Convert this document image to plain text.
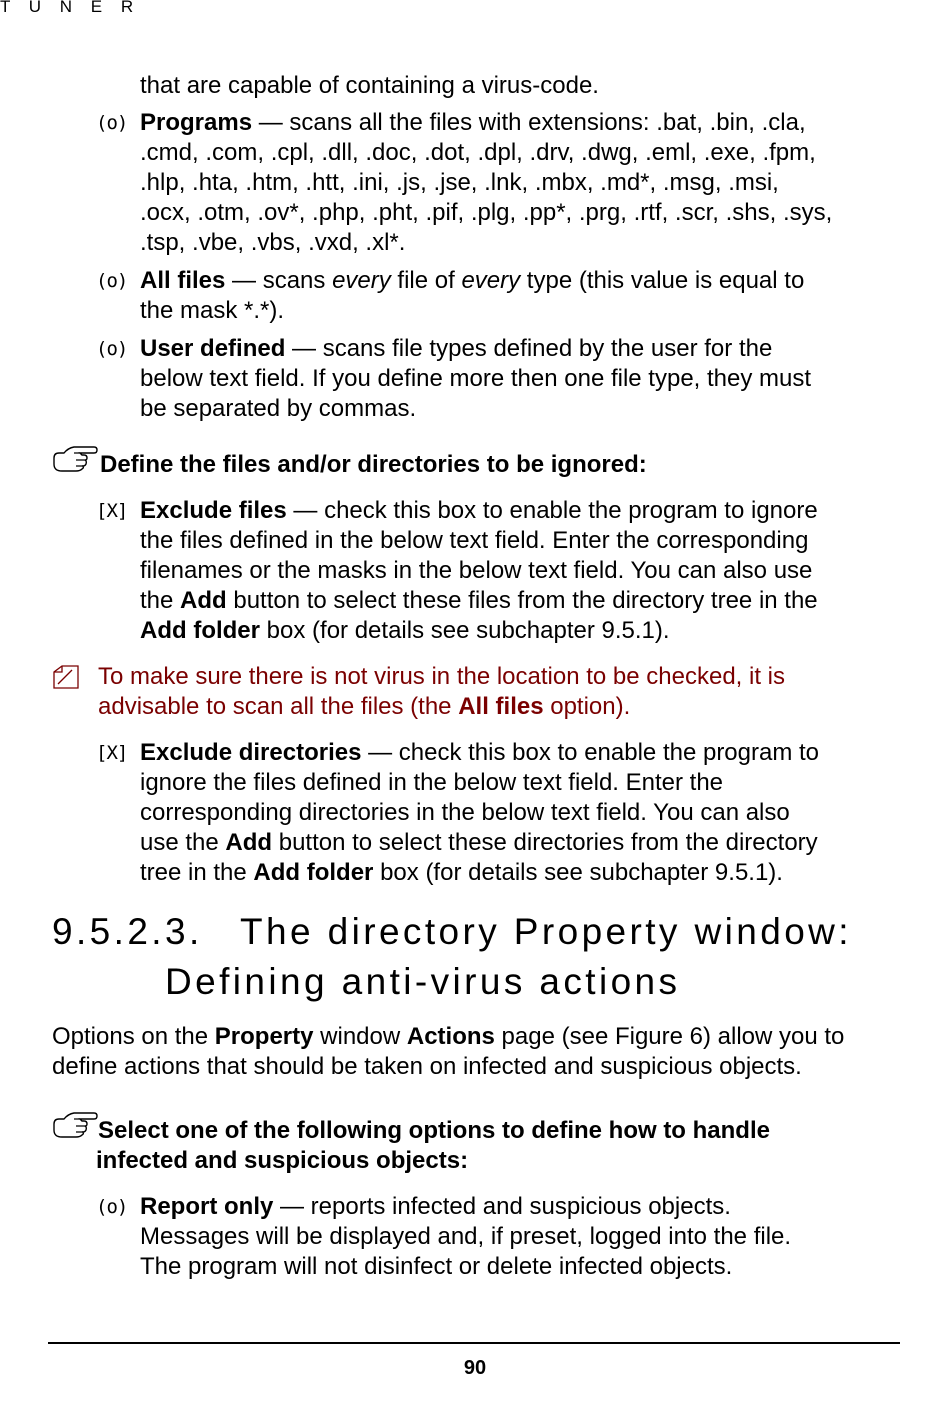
T U N E R
that are capable of containing a virus-code.
(o) Programs — scans all the files with extensions: .bat, .bin, .cla,
.cmd, .com, .cpl, .dll, .doc, .dot, .dpl, .drv, .dwg, .eml, .exe, .fpm,
.hlp, .hta, .htm, .htt, .ini, .js, .jse, .lnk, .mbx, .md*, .msg, .msi,
.ocx, .otm, .ov*, .php, .pht, .pif, .plg, .pp*, .prg, .rtf, .scr, .shs, .sys,
.tsp, .vbe, .vbs, .vxd, .xl*.
(o) All files — scans every file of every type (this value is equal to
the mask *.*).
(o) User defined — scans file types defined by the user for the
below text field. If you define more then one file type, they must
be separated by commas.
Define the files and/or directories to be ignored:
[X] Exclude files — check this box to enable the program to ignore
the files defined in the below text field. Enter the corresponding
filenames or the masks in the below text field. You can also use
the Add button to select these files from the directory tree in the
Add folder box (for details see subchapter 9.5.1).
To make sure there is not virus in the location to be checked, it is
advisable to scan all the files (the All files option).
[X] Exclude directories — check this box to enable the program to
ignore the files defined in the below text field. Enter the
corresponding directories in the below text field. You can also
use the Add button to select these directories from the directory
tree in the Add folder box (for details see subchapter 9.5.1).
9.5.2.3. The directory Property window:
Defining anti-virus actions
Options on the Property window Actions page (see Figure 6) allow you to
define actions that should be taken on infected and suspicious objects.
Select one of the following options to define how to handle
infected and suspicious objects:
(o) Report only — reports infected and suspicious objects.
Messages will be displayed and, if preset, logged into the file.
The program will not disinfect or delete infected objects.
90
